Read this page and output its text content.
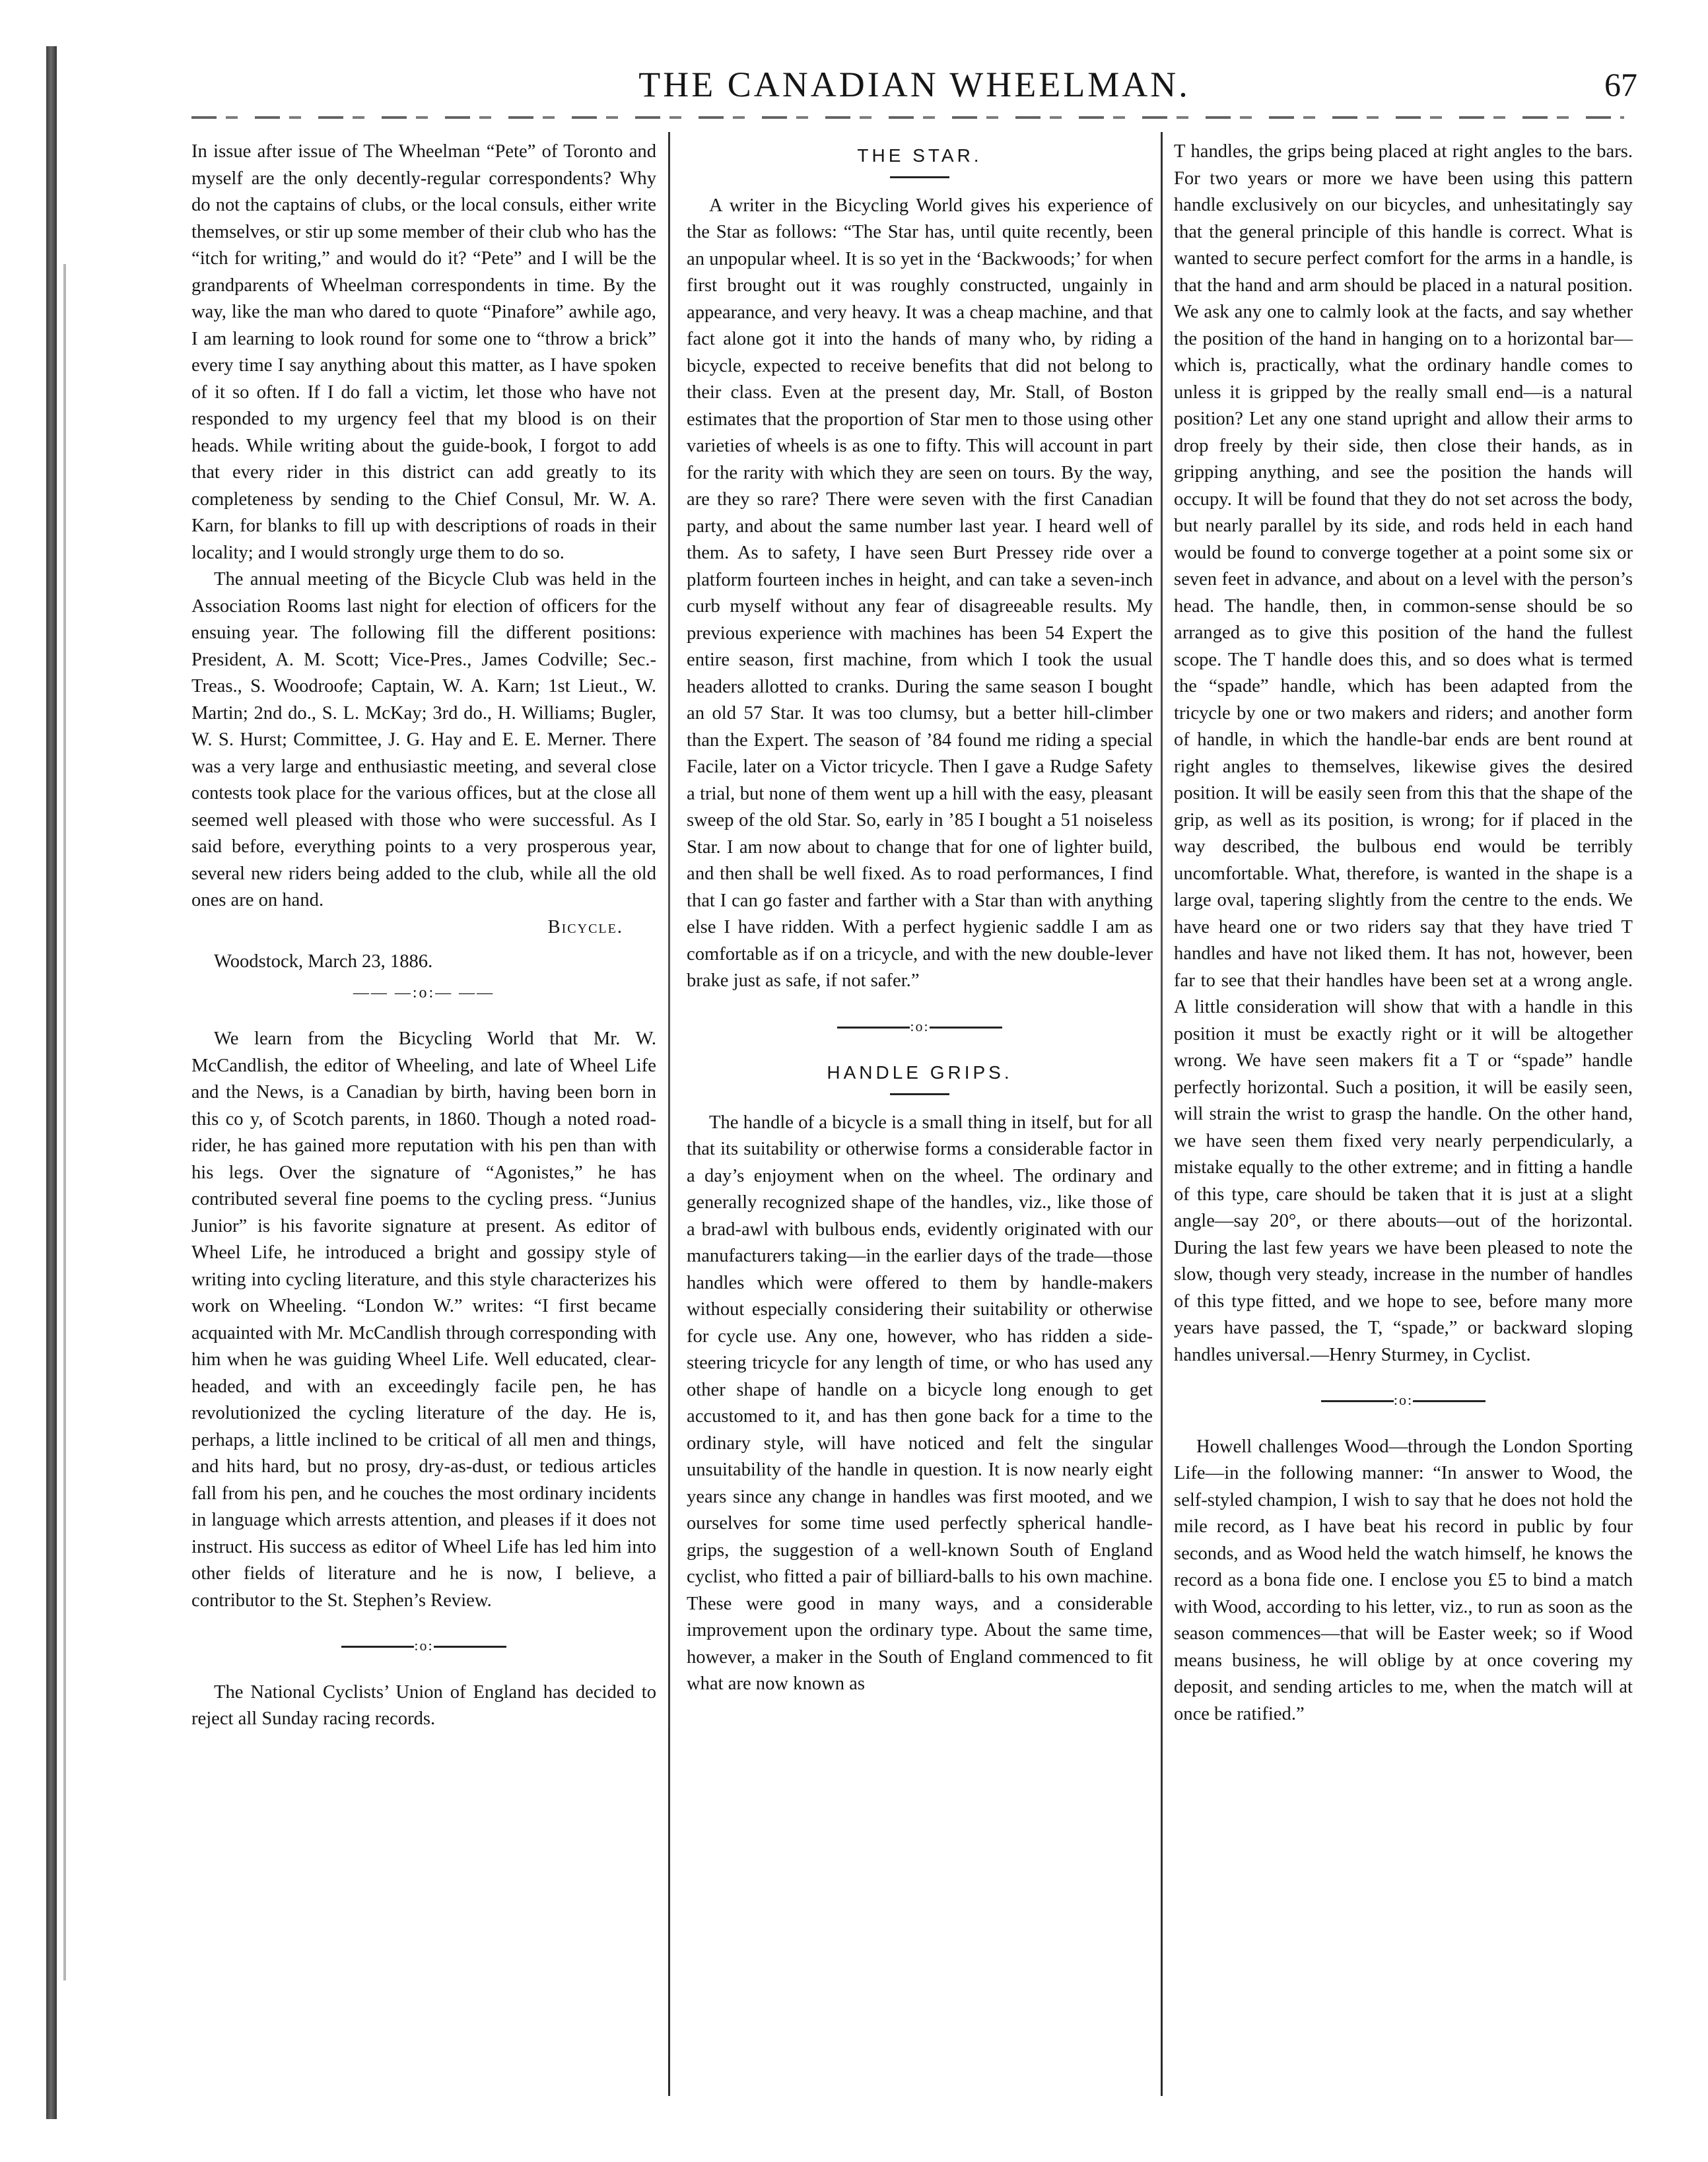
THE CANADIAN WHEELMAN.	67

In issue after issue of The Wheelman “Pete” of Toronto and myself are the only decently-regular correspondents? Why do not the captains of clubs, or the local consuls, either write themselves, or stir up some member of their club who has the “itch for writing,” and would do it? “Pete” and I will be the grandparents of Wheelman correspondents in time. By the way, like the man who dared to quote “Pinafore” awhile ago, I am learning to look round for some one to “throw a brick” every time I say anything about this matter, as I have spoken of it so often. If I do fall a victim, let those who have not responded to my urgency feel that my blood is on their heads. While writing about the guide-book, I forgot to add that every rider in this district can add greatly to its completeness by sending to the Chief Consul, Mr. W. A. Karn, for blanks to fill up with descriptions of roads in their locality; and I would strongly urge them to do so.

The annual meeting of the Bicycle Club was held in the Association Rooms last night for election of officers for the ensuing year. The following fill the different positions: President, A. M. Scott; Vice-Pres., James Codville; Sec.-Treas., S. Woodroofe; Captain, W. A. Karn; 1st Lieut., W. Martin; 2nd do., S. L. McKay; 3rd do., H. Williams; Bugler, W. S. Hurst; Committee, J. G. Hay and E. E. Merner. There was a very large and enthusiastic meeting, and several close contests took place for the various offices, but at the close all seemed well pleased with those who were successful. As I said before, everything points to a very prosperous year, several new riders being added to the club, while all the old ones are on hand.

Bicycle.

Woodstock, March 23, 1886.

—— —:o:— ——

We learn from the Bicycling World that Mr. W. McCandlish, the editor of Wheeling, and late of Wheel Life and the News, is a Canadian by birth, having been born in this co y, of Scotch parents, in 1860. Though a noted road-rider, he has gained more reputation with his pen than with his legs. Over the signature of “Agonistes,” he has contributed several fine poems to the cycling press. “Junius Junior” is his favorite signature at present. As editor of Wheel Life, he introduced a bright and gossipy style of writing into cycling literature, and this style characterizes his work on Wheeling. “London W.” writes: “I first became acquainted with Mr. McCandlish through corresponding with him when he was guiding Wheel Life. Well educated, clear-headed, and with an exceedingly facile pen, he has revolutionized the cycling literature of the day. He is, perhaps, a little inclined to be critical of all men and things, and hits hard, but no prosy, dry-as-dust, or tedious articles fall from his pen, and he couches the most ordinary incidents in language which arrests attention, and pleases if it does not instruct. His success as editor of Wheel Life has led him into other fields of literature and he is now, I believe, a contributor to the St. Stephen’s Review.

:o:

The National Cyclists’ Union of England has decided to reject all Sunday racing records.

THE STAR.

A writer in the Bicycling World gives his experience of the Star as follows: “The Star has, until quite recently, been an unpopular wheel. It is so yet in the ‘Backwoods;’ for when first brought out it was roughly constructed, ungainly in appearance, and very heavy. It was a cheap machine, and that fact alone got it into the hands of many who, by riding a bicycle, expected to receive benefits that did not belong to their class. Even at the present day, Mr. Stall, of Boston estimates that the proportion of Star men to those using other varieties of wheels is as one to fifty. This will account in part for the rarity with which they are seen on tours. By the way, are they so rare? There were seven with the first Canadian party, and about the same number last year. I heard well of them. As to safety, I have seen Burt Pressey ride over a platform fourteen inches in height, and can take a seven-inch curb myself without any fear of disagreeable results. My previous experience with machines has been 54 Expert the entire season, first machine, from which I took the usual headers allotted to cranks. During the same season I bought an old 57 Star. It was too clumsy, but a better hill-climber than the Expert. The season of ’84 found me riding a special Facile, later on a Victor tricycle. Then I gave a Rudge Safety a trial, but none of them went up a hill with the easy, pleasant sweep of the old Star. So, early in ’85 I bought a 51 noiseless Star. I am now about to change that for one of lighter build, and then shall be well fixed. As to road performances, I find that I can go faster and farther with a Star than with anything else I have ridden. With a perfect hygienic saddle I am as comfortable as if on a tricycle, and with the new double-lever brake just as safe, if not safer.”

:o:
HANDLE GRIPS.

The handle of a bicycle is a small thing in itself, but for all that its suitability or otherwise forms a considerable factor in a day’s enjoyment when on the wheel. The ordinary and generally recognized shape of the handles, viz., like those of a brad-awl with bulbous ends, evidently originated with our manufacturers taking—in the earlier days of the trade—those handles which were offered to them by handle-makers without especially considering their suitability or otherwise for cycle use. Any one, however, who has ridden a side-steering tricycle for any length of time, or who has used any other shape of handle on a bicycle long enough to get accustomed to it, and has then gone back for a time to the ordinary style, will have noticed and felt the singular unsuitability of the handle in question. It is now nearly eight years since any change in handles was first mooted, and we ourselves for some time used perfectly spherical handle-grips, the suggestion of a well-known South of England cyclist, who fitted a pair of billiard-balls to his own machine. These were good in many ways, and a considerable improvement upon the ordinary type. About the same time, however, a maker in the South of England commenced to fit what are now known as

T handles, the grips being placed at right angles to the bars. For two years or more we have been using this pattern handle exclusively on our bicycles, and unhesitatingly say that the general principle of this handle is correct. What is wanted to secure perfect comfort for the arms in a handle, is that the hand and arm should be placed in a natural position. We ask any one to calmly look at the facts, and say whether the position of the hand in hanging on to a horizontal bar—which is, practically, what the ordinary handle comes to unless it is gripped by the really small end—is a natural position? Let any one stand upright and allow their arms to drop freely by their side, then close their hands, as in gripping anything, and see the position the hands will occupy. It will be found that they do not set across the body, but nearly parallel by its side, and rods held in each hand would be found to converge together at a point some six or seven feet in advance, and about on a level with the person’s head. The handle, then, in common-sense should be so arranged as to give this position of the hand the fullest scope. The T handle does this, and so does what is termed the “spade” handle, which has been adapted from the tricycle by one or two makers and riders; and another form of handle, in which the handle-bar ends are bent round at right angles to themselves, likewise gives the desired position. It will be easily seen from this that the shape of the grip, as well as its position, is wrong; for if placed in the way described, the bulbous end would be terribly uncomfortable. What, therefore, is wanted in the shape is a large oval, tapering slightly from the centre to the ends. We have heard one or two riders say that they have tried T handles and have not liked them. It has not, however, been far to see that their handles have been set at a wrong angle. A little consideration will show that with a handle in this position it must be exactly right or it will be altogether wrong. We have seen makers fit a T or “spade” handle perfectly horizontal. Such a position, it will be easily seen, will strain the wrist to grasp the handle. On the other hand, we have seen them fixed very nearly perpendicularly, a mistake equally to the other extreme; and in fitting a handle of this type, care should be taken that it is just at a slight angle—say 20°, or there abouts—out of the horizontal. During the last few years we have been pleased to note the slow, though very steady, increase in the number of handles of this type fitted, and we hope to see, before many more years have passed, the T, “spade,” or backward sloping handles universal.—Henry Sturmey, in Cyclist.

:o:

Howell challenges Wood—through the London Sporting Life—in the following manner: “In answer to Wood, the self-styled champion, I wish to say that he does not hold the mile record, as I have beat his record in public by four seconds, and as Wood held the watch himself, he knows the record as a bona fide one. I enclose you £5 to bind a match with Wood, according to his letter, viz., to run as soon as the season commences—that will be Easter week; so if Wood means business, he will oblige by at once covering my deposit, and sending articles to me, when the match will at once be ratified.”
